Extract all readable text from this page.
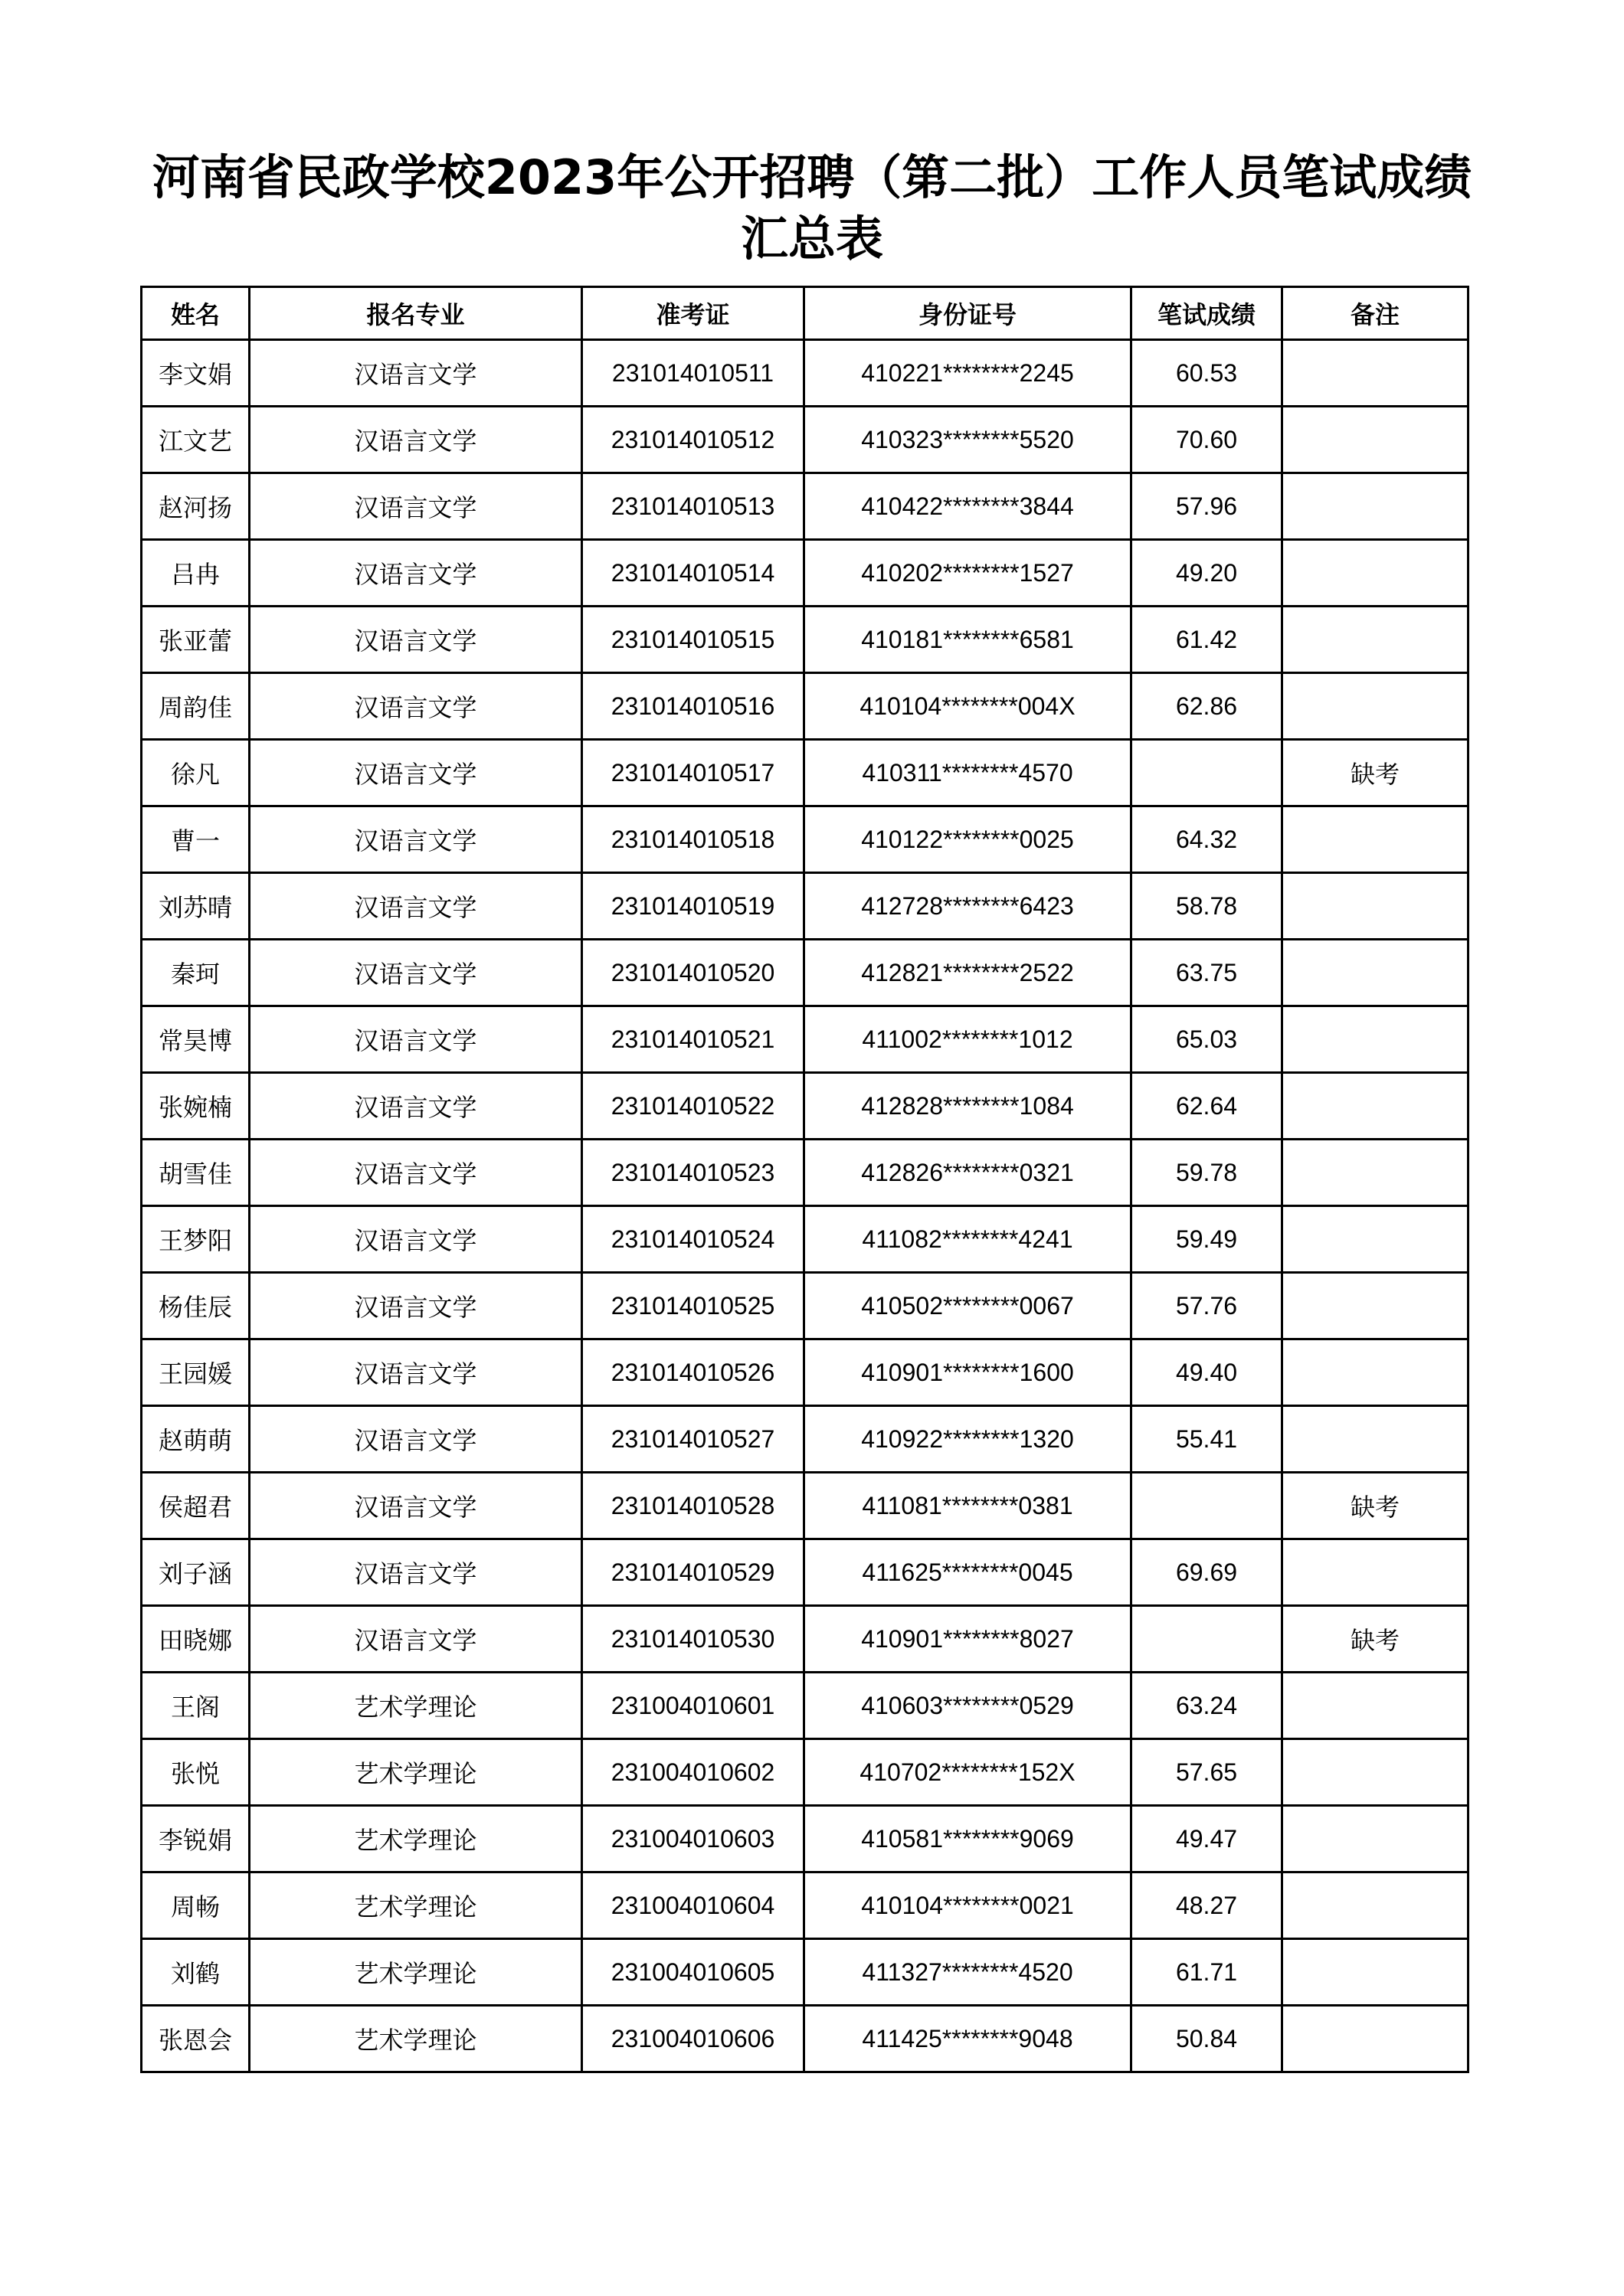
河南省民政学校2023年公开招聘（第二批）工作人员笔试成绩
汇总表
姓名	报名专业	准考证	身份证号	笔试成绩	备注
李文娟	汉语言文学	231014010511	410221********2245	60.53	
江文艺	汉语言文学	231014010512	410323********5520	70.60	
赵河扬	汉语言文学	231014010513	410422********3844	57.96	
吕冉	汉语言文学	231014010514	410202********1527	49.20	
张亚蕾	汉语言文学	231014010515	410181********6581	61.42	
周韵佳	汉语言文学	231014010516	410104********004X	62.86	
徐凡	汉语言文学	231014010517	410311********4570		缺考
曹一	汉语言文学	231014010518	410122********0025	64.32	
刘苏晴	汉语言文学	231014010519	412728********6423	58.78	
秦珂	汉语言文学	231014010520	412821********2522	63.75	
常昊博	汉语言文学	231014010521	411002********1012	65.03	
张婉楠	汉语言文学	231014010522	412828********1084	62.64	
胡雪佳	汉语言文学	231014010523	412826********0321	59.78	
王梦阳	汉语言文学	231014010524	411082********4241	59.49	
杨佳辰	汉语言文学	231014010525	410502********0067	57.76	
王园媛	汉语言文学	231014010526	410901********1600	49.40	
赵萌萌	汉语言文学	231014010527	410922********1320	55.41	
侯超君	汉语言文学	231014010528	411081********0381		缺考
刘子涵	汉语言文学	231014010529	411625********0045	69.69	
田晓娜	汉语言文学	231014010530	410901********8027		缺考
王阁	艺术学理论	231004010601	410603********0529	63.24	
张悦	艺术学理论	231004010602	410702********152X	57.65	
李锐娟	艺术学理论	231004010603	410581********9069	49.47	
周畅	艺术学理论	231004010604	410104********0021	48.27	
刘鹤	艺术学理论	231004010605	411327********4520	61.71	
张恩会	艺术学理论	231004010606	411425********9048	50.84	
